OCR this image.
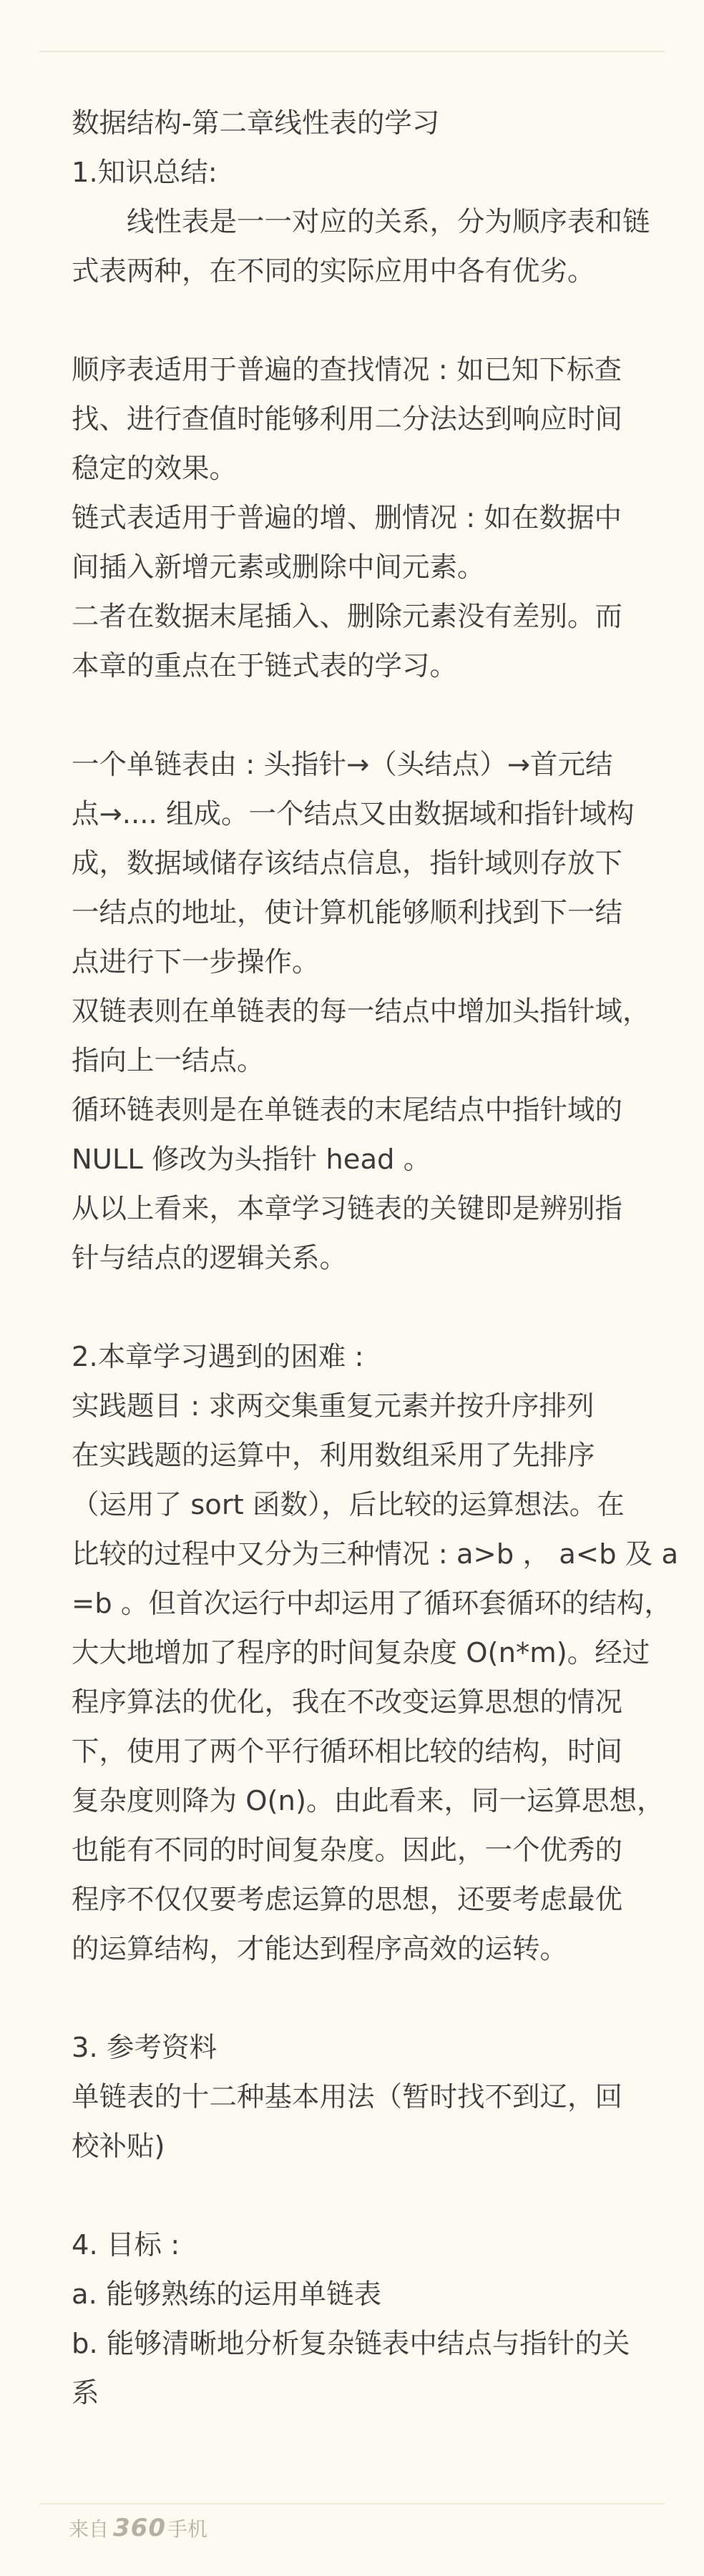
数据结构-第二章线性表的学习
1.知识总结:
　　线性表是一一对应的关系，分为顺序表和链
式表两种，在不同的实际应用中各有优劣。
顺序表适用于普遍的查找情况 : 如已知下标查
找、进行查值时能够利用二分法达到响应时间
稳定的效果。
链式表适用于普遍的增、删情况 : 如在数据中
间插入新增元素或删除中间元素。
二者在数据末尾插入、删除元素没有差别。而
本章的重点在于链式表的学习。
一个单链表由 : 头指针→（头结点）→首元结
点→.... 组成。一个结点又由数据域和指针域构
成，数据域储存该结点信息，指针域则存放下
一结点的地址，使计算机能够顺利找到下一结
点进行下一步操作。
双链表则在单链表的每一结点中增加头指针域，
指向上一结点。
循环链表则是在单链表的末尾结点中指针域的
NULL 修改为头指针 head 。
从以上看来，本章学习链表的关键即是辨别指
针与结点的逻辑关系。
2.本章学习遇到的困难 :
实践题目 : 求两交集重复元素并按升序排列
在实践题的运算中，利用数组采用了先排序
（运用了 sort 函数），后比较的运算想法。在
比较的过程中又分为三种情况 : a>b ， a<b 及 a
=b 。但首次运行中却运用了循环套循环的结构，
大大地增加了程序的时间复杂度 O(n*m)。经过
程序算法的优化，我在不改变运算思想的情况
下，使用了两个平行循环相比较的结构，时间
复杂度则降为 O(n)。由此看来，同一运算思想，
也能有不同的时间复杂度。因此，一个优秀的
程序不仅仅要考虑运算的思想，还要考虑最优
的运算结构，才能达到程序高效的运转。
3. 参考资料
单链表的十二种基本用法（暂时找不到辽，回
校补贴)
4. 目标 :
a. 能够熟练的运用单链表
b. 能够清晰地分析复杂链表中结点与指针的关
系
来自 360 手机
